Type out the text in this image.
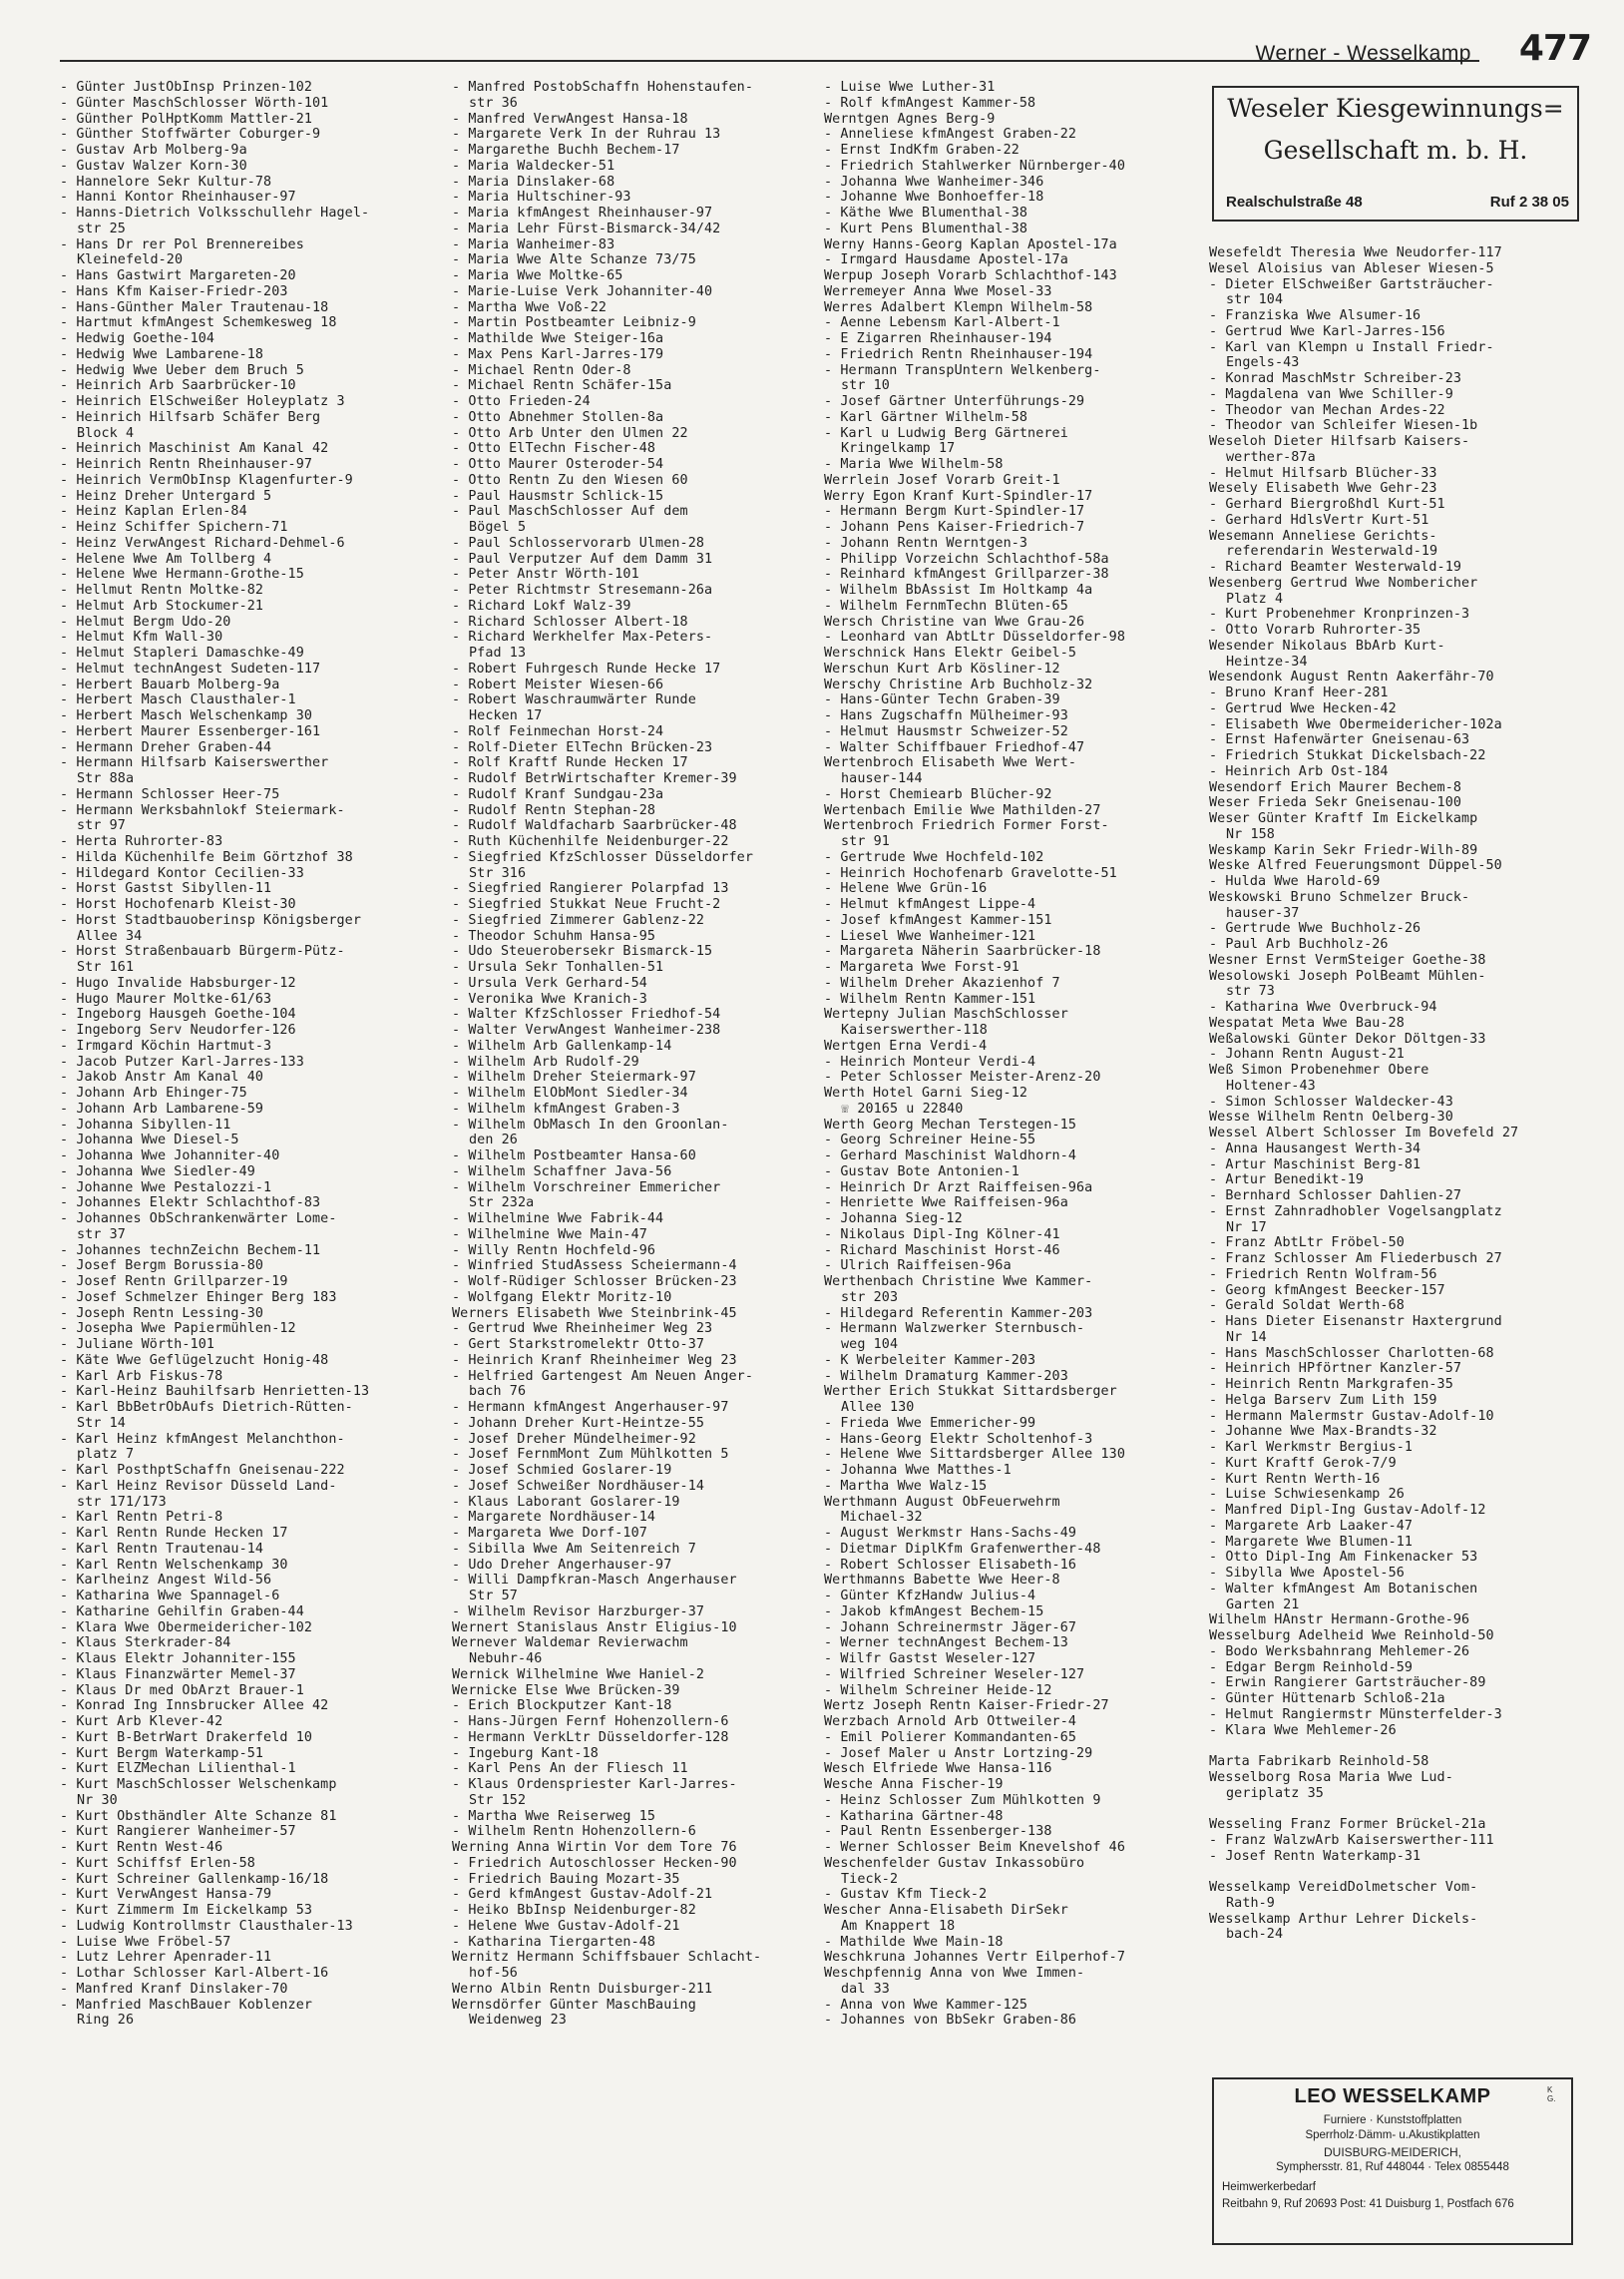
Werner - Wesselkamp 477
Weseler Kiesgewinnungs=
Gesellschaft m. b. H.
Realschulstraße 48	Ruf 2 38 05
- Günter JustObInsp Prinzen-102
- Günter MaschSchlosser Wörth-101
- Günther PolHptKomm Mattler-21
- Günther Stoffwärter Coburger-9
- Gustav Arb Molberg-9a
- Gustav Walzer Korn-30
- Hannelore Sekr Kultur-78
- Hanni Kontor Rheinhauser-97
- Hanns-Dietrich Volksschullehr Hagel-
str 25
- Hans Dr rer Pol Brennereibes
Kleinefeld-20
- Hans Gastwirt Margareten-20
- Hans Kfm Kaiser-Friedr-203
- Hans-Günther Maler Trautenau-18
- Hartmut kfmAngest Schemkesweg 18
- Hedwig Goethe-104
- Hedwig Wwe Lambarene-18
- Hedwig Wwe Ueber dem Bruch 5
- Heinrich Arb Saarbrücker-10
- Heinrich ElSchweißer Holeyplatz 3
- Heinrich Hilfsarb Schäfer Berg
Block 4
- Heinrich Maschinist Am Kanal 42
- Heinrich Rentn Rheinhauser-97
- Heinrich VermObInsp Klagenfurter-9
- Heinz Dreher Untergard 5
- Heinz Kaplan Erlen-84
- Heinz Schiffer Spichern-71
- Heinz VerwAngest Richard-Dehmel-6
- Helene Wwe Am Tollberg 4
- Helene Wwe Hermann-Grothe-15
- Hellmut Rentn Moltke-82
- Helmut Arb Stockumer-21
- Helmut Bergm Udo-20
- Helmut Kfm Wall-30
- Helmut Stapleri Damaschke-49
- Helmut technAngest Sudeten-117
- Herbert Bauarb Molberg-9a
- Herbert Masch Clausthaler-1
- Herbert Masch Welschenkamp 30
- Herbert Maurer Essenberger-161
- Hermann Dreher Graben-44
- Hermann Hilfsarb Kaiserswerther
Str 88a
- Hermann Schlosser Heer-75
- Hermann Werksbahnlokf Steiermark-
str 97
- Herta Ruhrorter-83
- Hilda Küchenhilfe Beim Görtzhof 38
- Hildegard Kontor Cecilien-33
- Horst Gastst Sibyllen-11
- Horst Hochofenarb Kleist-30
- Horst Stadtbauoberinsp Königsberger
Allee 34
- Horst Straßenbauarb Bürgerm-Pütz-
Str 161
- Hugo Invalide Habsburger-12
- Hugo Maurer Moltke-61/63
- Ingeborg Hausgeh Goethe-104
- Ingeborg Serv Neudorfer-126
- Irmgard Köchin Hartmut-3
- Jacob Putzer Karl-Jarres-133
- Jakob Anstr Am Kanal 40
- Johann Arb Ehinger-75
- Johann Arb Lambarene-59
- Johanna Sibyllen-11
- Johanna Wwe Diesel-5
- Johanna Wwe Johanniter-40
- Johanna Wwe Siedler-49
- Johanne Wwe Pestalozzi-1
- Johannes Elektr Schlachthof-83
- Johannes ObSchrankenwärter Lome-
str 37
- Johannes technZeichn Bechem-11
- Josef Bergm Borussia-80
- Josef Rentn Grillparzer-19
- Josef Schmelzer Ehinger Berg 183
- Joseph Rentn Lessing-30
- Josepha Wwe Papiermühlen-12
- Juliane Wörth-101
- Käte Wwe Geflügelzucht Honig-48
- Karl Arb Fiskus-78
- Karl-Heinz Bauhilfsarb Henrietten-13
- Karl BbBetrObAufs Dietrich-Rütten-
Str 14
- Karl Heinz kfmAngest Melanchthon-
platz 7
- Karl PosthptSchaffn Gneisenau-222
- Karl Heinz Revisor Düsseld Land-
str 171/173
- Karl Rentn Petri-8
- Karl Rentn Runde Hecken 17
- Karl Rentn Trautenau-14
- Karl Rentn Welschenkamp 30
- Karlheinz Angest Wild-56
- Katharina Wwe Spannagel-6
- Katharine Gehilfin Graben-44
- Klara Wwe Obermeidericher-102
- Klaus Sterkrader-84
- Klaus Elektr Johanniter-155
- Klaus Finanzwärter Memel-37
- Klaus Dr med ObArzt Brauer-1
- Konrad Ing Innsbrucker Allee 42
- Kurt Arb Klever-42
- Kurt B-BetrWart Drakerfeld 10
- Kurt Bergm Waterkamp-51
- Kurt ElZMechan Lilienthal-1
- Kurt MaschSchlosser Welschenkamp
Nr 30
- Kurt Obsthändler Alte Schanze 81
- Kurt Rangierer Wanheimer-57
- Kurt Rentn West-46
- Kurt Schiffsf Erlen-58
- Kurt Schreiner Gallenkamp-16/18
- Kurt VerwAngest Hansa-79
- Kurt Zimmerm Im Eickelkamp 53
- Ludwig Kontrollmstr Clausthaler-13
- Luise Wwe Fröbel-57
- Lutz Lehrer Apenrader-11
- Lothar Schlosser Karl-Albert-16
- Manfred Kranf Dinslaker-70
- Manfried MaschBauer Koblenzer
Ring 26
- Manfred PostobSchaffn Hohenstaufen-
str 36
- Manfred VerwAngest Hansa-18
- Margarete Verk In der Ruhrau 13
- Margarethe Buchh Bechem-17
- Maria Waldecker-51
- Maria Dinslaker-68
- Maria Hultschiner-93
- Maria kfmAngest Rheinhauser-97
- Maria Lehr Fürst-Bismarck-34/42
- Maria Wanheimer-83
- Maria Wwe Alte Schanze 73/75
- Maria Wwe Moltke-65
- Marie-Luise Verk Johanniter-40
- Martha Wwe Voß-22
- Martin Postbeamter Leibniz-9
- Mathilde Wwe Steiger-16a
- Max Pens Karl-Jarres-179
- Michael Rentn Oder-8
- Michael Rentn Schäfer-15a
- Otto Frieden-24
- Otto Abnehmer Stollen-8a
- Otto Arb Unter den Ulmen 22
- Otto ElTechn Fischer-48
- Otto Maurer Osteroder-54
- Otto Rentn Zu den Wiesen 60
- Paul Hausmstr Schlick-15
- Paul MaschSchlosser Auf dem
Bögel 5
- Paul Schlosservorarb Ulmen-28
- Paul Verputzer Auf dem Damm 31
- Peter Anstr Wörth-101
- Peter Richtmstr Stresemann-26a
- Richard Lokf Walz-39
- Richard Schlosser Albert-18
- Richard Werkhelfer Max-Peters-
Pfad 13
- Robert Fuhrgesch Runde Hecke 17
- Robert Meister Wiesen-66
- Robert Waschraumwärter Runde
Hecken 17
- Rolf Feinmechan Horst-24
- Rolf-Dieter ElTechn Brücken-23
- Rolf Kraftf Runde Hecken 17
- Rudolf BetrWirtschafter Kremer-39
- Rudolf Kranf Sundgau-23a
- Rudolf Rentn Stephan-28
- Rudolf Waldfacharb Saarbrücker-48
- Ruth Küchenhilfe Neidenburger-22
- Siegfried KfzSchlosser Düsseldorfer
Str 316
- Siegfried Rangierer Polarpfad 13
- Siegfried Stukkat Neue Frucht-2
- Siegfried Zimmerer Gablenz-22
- Theodor Schuhm Hansa-95
- Udo Steuerobersekr Bismarck-15
- Ursula Sekr Tonhallen-51
- Ursula Verk Gerhard-54
- Veronika Wwe Kranich-3
- Walter KfzSchlosser Friedhof-54
- Walter VerwAngest Wanheimer-238
- Wilhelm Arb Gallenkamp-14
- Wilhelm Arb Rudolf-29
- Wilhelm Dreher Steiermark-97
- Wilhelm ElObMont Siedler-34
- Wilhelm kfmAngest Graben-3
- Wilhelm ObMasch In den Groonlan-
den 26
- Wilhelm Postbeamter Hansa-60
- Wilhelm Schaffner Java-56
- Wilhelm Vorschreiner Emmericher
Str 232a
- Wilhelmine Wwe Fabrik-44
- Wilhelmine Wwe Main-47
- Willy Rentn Hochfeld-96
- Winfried StudAssess Scheiermann-4
- Wolf-Rüdiger Schlosser Brücken-23
- Wolfgang Elektr Moritz-10
Werners Elisabeth Wwe Steinbrink-45
- Gertrud Wwe Rheinheimer Weg 23
- Gert Starkstromelektr Otto-37
- Heinrich Kranf Rheinheimer Weg 23
- Helfried Gartengest Am Neuen Anger-
bach 76
- Hermann kfmAngest Angerhauser-97
- Johann Dreher Kurt-Heintze-55
- Josef Dreher Mündelheimer-92
- Josef FernmMont Zum Mühlkotten 5
- Josef Schmied Goslarer-19
- Josef Schweißer Nordhäuser-14
- Klaus Laborant Goslarer-19
- Margarete Nordhäuser-14
- Margareta Wwe Dorf-107
- Sibilla Wwe Am Seitenreich 7
- Udo Dreher Angerhauser-97
- Willi Dampfkran-Masch Angerhauser
Str 57
- Wilhelm Revisor Harzburger-37
Wernert Stanislaus Anstr Eligius-10
Wernever Waldemar Revierwachm
Nebuhr-46
Wernick Wilhelmine Wwe Haniel-2
Wernicke Else Wwe Brücken-39
- Erich Blockputzer Kant-18
- Hans-Jürgen Fernf Hohenzollern-6
- Hermann VerkLtr Düsseldorfer-128
- Ingeburg Kant-18
- Karl Pens An der Fliesch 11
- Klaus Ordenspriester Karl-Jarres-
Str 152
- Martha Wwe Reiserweg 15
- Wilhelm Rentn Hohenzollern-6
Werning Anna Wirtin Vor dem Tore 76
- Friedrich Autoschlosser Hecken-90
- Friedrich Bauing Mozart-35
- Gerd kfmAngest Gustav-Adolf-21
- Heiko BbInsp Neidenburger-82
- Helene Wwe Gustav-Adolf-21
- Katharina Tiergarten-48
Wernitz Hermann Schiffsbauer Schlacht-
hof-56
Werno Albin Rentn Duisburger-211
Wernsdörfer Günter MaschBauing
Weidenweg 23
- Luise Wwe Luther-31
- Rolf kfmAngest Kammer-58
Werntgen Agnes Berg-9
- Anneliese kfmAngest Graben-22
- Ernst IndKfm Graben-22
- Friedrich Stahlwerker Nürnberger-40
- Johanna Wwe Wanheimer-346
- Johanne Wwe Bonhoeffer-18
- Käthe Wwe Blumenthal-38
- Kurt Pens Blumenthal-38
Werny Hanns-Georg Kaplan Apostel-17a
- Irmgard Hausdame Apostel-17a
Werpup Joseph Vorarb Schlachthof-143
Werremeyer Anna Wwe Mosel-33
Werres Adalbert Klempn Wilhelm-58
- Aenne Lebensm Karl-Albert-1
- E Zigarren Rheinhauser-194
- Friedrich Rentn Rheinhauser-194
- Hermann TranspUntern Welkenberg-
str 10
- Josef Gärtner Unterführungs-29
- Karl Gärtner Wilhelm-58
- Karl u Ludwig Berg Gärtnerei
Kringelkamp 17
- Maria Wwe Wilhelm-58
Werrlein Josef Vorarb Greit-1
Werry Egon Kranf Kurt-Spindler-17
- Hermann Bergm Kurt-Spindler-17
- Johann Pens Kaiser-Friedrich-7
- Johann Rentn Werntgen-3
- Philipp Vorzeichn Schlachthof-58a
- Reinhard kfmAngest Grillparzer-38
- Wilhelm BbAssist Im Holtkamp 4a
- Wilhelm FernmTechn Blüten-65
Wersch Christine van Wwe Grau-26
- Leonhard van AbtLtr Düsseldorfer-98
Werschnick Hans Elektr Geibel-5
Werschun Kurt Arb Kösliner-12
Werschy Christine Arb Buchholz-32
- Hans-Günter Techn Graben-39
- Hans Zugschaffn Mülheimer-93
- Helmut Hausmstr Schweizer-52
- Walter Schiffbauer Friedhof-47
Wertenbroch Elisabeth Wwe Wert-
hauser-144
- Horst Chemiearb Blücher-92
Wertenbach Emilie Wwe Mathilden-27
Wertenbroch Friedrich Former Forst-
str 91
- Gertrude Wwe Hochfeld-102
- Heinrich Hochofenarb Gravelotte-51
- Helene Wwe Grün-16
- Helmut kfmAngest Lippe-4
- Josef kfmAngest Kammer-151
- Liesel Wwe Wanheimer-121
- Margareta Näherin Saarbrücker-18
- Margareta Wwe Forst-91
- Wilhelm Dreher Akazienhof 7
- Wilhelm Rentn Kammer-151
Wertepny Julian MaschSchlosser
Kaiserswerther-118
Wertgen Erna Verdi-4
- Heinrich Monteur Verdi-4
- Peter Schlosser Meister-Arenz-20
Werth Hotel Garni Sieg-12
☏ 20165 u 22840
Werth Georg Mechan Terstegen-15
- Georg Schreiner Heine-55
- Gerhard Maschinist Waldhorn-4
- Gustav Bote Antonien-1
- Heinrich Dr Arzt Raiffeisen-96a
- Henriette Wwe Raiffeisen-96a
- Johanna Sieg-12
- Nikolaus Dipl-Ing Kölner-41
- Richard Maschinist Horst-46
- Ulrich Raiffeisen-96a
Werthenbach Christine Wwe Kammer-
str 203
- Hildegard Referentin Kammer-203
- Hermann Walzwerker Sternbusch-
weg 104
- K Werbeleiter Kammer-203
- Wilhelm Dramaturg Kammer-203
Werther Erich Stukkat Sittardsberger
Allee 130
- Frieda Wwe Emmericher-99
- Hans-Georg Elektr Scholtenhof-3
- Helene Wwe Sittardsberger Allee 130
- Johanna Wwe Matthes-1
- Martha Wwe Walz-15
Werthmann August ObFeuerwehrm
Michael-32
- August Werkmstr Hans-Sachs-49
- Dietmar DiplKfm Grafenwerther-48
- Robert Schlosser Elisabeth-16
Werthmanns Babette Wwe Heer-8
- Günter KfzHandw Julius-4
- Jakob kfmAngest Bechem-15
- Johann Schreinermstr Jäger-67
- Werner technAngest Bechem-13
- Wilfr Gastst Weseler-127
- Wilfried Schreiner Weseler-127
- Wilhelm Schreiner Heide-12
Wertz Joseph Rentn Kaiser-Friedr-27
Werzbach Arnold Arb Ottweiler-4
- Emil Polierer Kommandanten-65
- Josef Maler u Anstr Lortzing-29
Wesch Elfriede Wwe Hansa-116
Wesche Anna Fischer-19
- Heinz Schlosser Zum Mühlkotten 9
- Katharina Gärtner-48
- Paul Rentn Essenberger-138
- Werner Schlosser Beim Knevelshof 46
Weschenfelder Gustav Inkassobüro
Tieck-2
- Gustav Kfm Tieck-2
Wescher Anna-Elisabeth DirSekr
Am Knappert 18
- Mathilde Wwe Main-18
Weschkruna Johannes Vertr Eilperhof-7
Weschpfennig Anna von Wwe Immen-
dal 33
- Anna von Wwe Kammer-125
- Johannes von BbSekr Graben-86
Wesefeldt Theresia Wwe Neudorfer-117
Wesel Aloisius van Ableser Wiesen-5
- Dieter ElSchweißer Gartsträucher-
str 104
- Franziska Wwe Alsumer-16
- Gertrud Wwe Karl-Jarres-156
- Karl van Klempn u Install Friedr-
Engels-43
- Konrad MaschMstr Schreiber-23
- Magdalena van Wwe Schiller-9
- Theodor van Mechan Ardes-22
- Theodor van Schleifer Wiesen-1b
Weseloh Dieter Hilfsarb Kaisers-
werther-87a
- Helmut Hilfsarb Blücher-33
Wesely Elisabeth Wwe Gehr-23
- Gerhard Biergroßhdl Kurt-51
- Gerhard HdlsVertr Kurt-51
Wesemann Anneliese Gerichts-
referendarin Westerwald-19
- Richard Beamter Westerwald-19
Wesenberg Gertrud Wwe Nombericher
Platz 4
- Kurt Probenehmer Kronprinzen-3
- Otto Vorarb Ruhrorter-35
Wesender Nikolaus BbArb Kurt-
Heintze-34
Wesendonk August Rentn Aakerfähr-70
- Bruno Kranf Heer-281
- Gertrud Wwe Hecken-42
- Elisabeth Wwe Obermeidericher-102a
- Ernst Hafenwärter Gneisenau-63
- Friedrich Stukkat Dickelsbach-22
- Heinrich Arb Ost-184
Wesendorf Erich Maurer Bechem-8
Weser Frieda Sekr Gneisenau-100
Weser Günter Kraftf Im Eickelkamp
Nr 158
Weskamp Karin Sekr Friedr-Wilh-89
Weske Alfred Feuerungsmont Düppel-50
- Hulda Wwe Harold-69
Weskowski Bruno Schmelzer Bruck-
hauser-37
- Gertrude Wwe Buchholz-26
- Paul Arb Buchholz-26
Wesner Ernst VermSteiger Goethe-38
Wesolowski Joseph PolBeamt Mühlen-
str 73
- Katharina Wwe Overbruck-94
Wespatat Meta Wwe Bau-28
Weßalowski Günter Dekor Döltgen-33
- Johann Rentn August-21
Weß Simon Probenehmer Obere
Holtener-43
- Simon Schlosser Waldecker-43
Wesse Wilhelm Rentn Oelberg-30
Wessel Albert Schlosser Im Bovefeld 27
- Anna Hausangest Werth-34
- Artur Maschinist Berg-81
- Artur Benedikt-19
- Bernhard Schlosser Dahlien-27
- Ernst Zahnradhobler Vogelsangplatz
Nr 17
- Franz AbtLtr Fröbel-50
- Franz Schlosser Am Fliederbusch 27
- Friedrich Rentn Wolfram-56
- Georg kfmAngest Beecker-157
- Gerald Soldat Werth-68
- Hans Dieter Eisenanstr Haxtergrund
Nr 14
- Hans MaschSchlosser Charlotten-68
- Heinrich HPförtner Kanzler-57
- Heinrich Rentn Markgrafen-35
- Helga Barserv Zum Lith 159
- Hermann Malermstr Gustav-Adolf-10
- Johanne Wwe Max-Brandts-32
- Karl Werkmstr Bergius-1
- Kurt Kraftf Gerok-7/9
- Kurt Rentn Werth-16
- Luise Schwiesenkamp 26
- Manfred Dipl-Ing Gustav-Adolf-12
- Margarete Arb Laaker-47
- Margarete Wwe Blumen-11
- Otto Dipl-Ing Am Finkenacker 53
- Sibylla Wwe Apostel-56
- Walter kfmAngest Am Botanischen
Garten 21
Wilhelm HAnstr Hermann-Grothe-96
Wesselburg Adelheid Wwe Reinhold-50
- Bodo Werksbahnrang Mehlemer-26
- Edgar Bergm Reinhold-59
- Erwin Rangierer Gartsträucher-89
- Günter Hüttenarb Schloß-21a
- Helmut Rangiermstr Münsterfelder-3
- Klara Wwe Mehlemer-26
Marta Fabrikarb Reinhold-58
Wesselborg Rosa Maria Wwe Lud-
geriplatz 35
Wesseling Franz Former Brückel-21a
- Franz WalzwArb Kaiserswerther-111
- Josef Rentn Waterkamp-31
Wesselkamp VereidDolmetscher Vom-
Rath-9
Wesselkamp Arthur Lehrer Dickels-
bach-24
LEO WESSELKAMP	K G.
Furniere · Kunststoffplatten
Sperrholz·Dämm- u.Akustikplatten
DUISBURG-MEIDERICH,
Symphersstr. 81, Ruf 448044 · Telex 0855448
Heimwerkerbedarf
Reitbahn 9, Ruf 20693 Post: 41 Duisburg 1, Postfach 676
